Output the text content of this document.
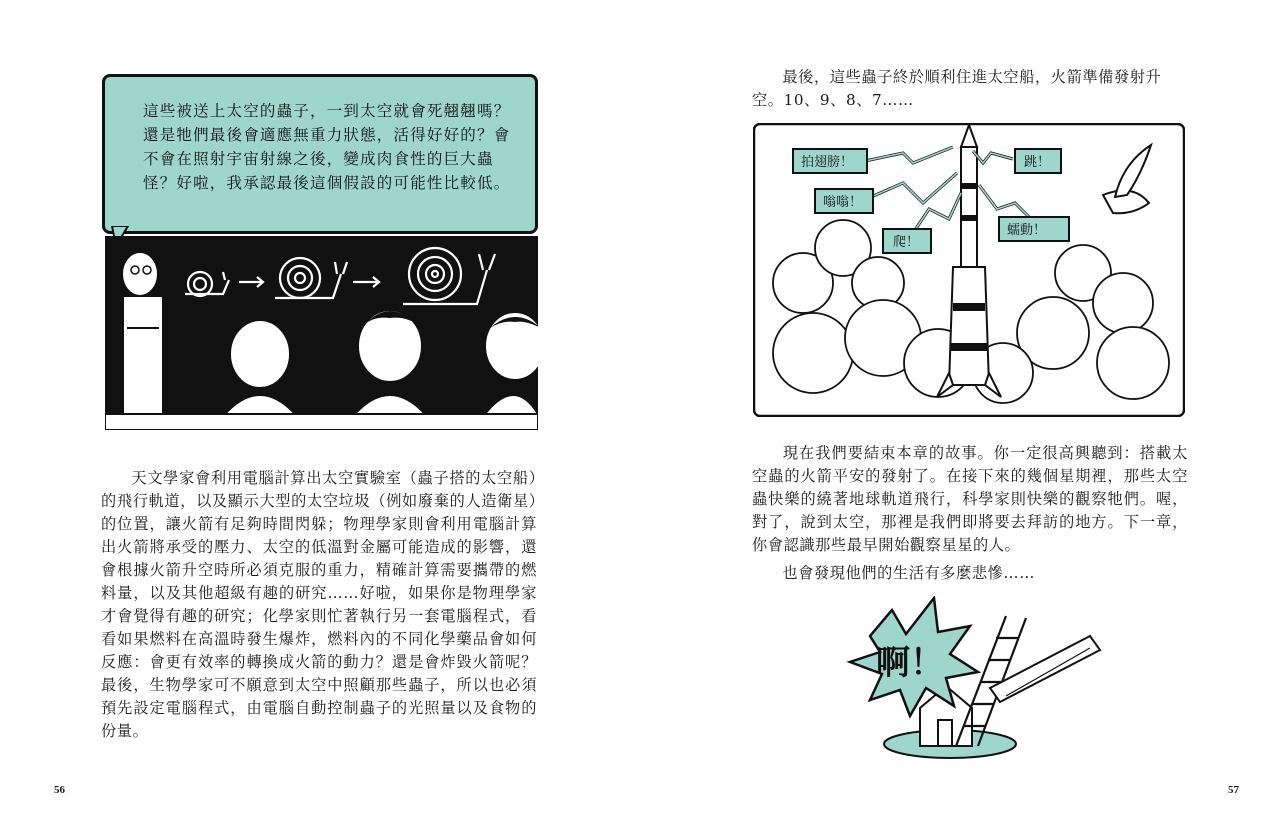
這些被送上太空的蟲子，一到太空就會死翹翹嗎？還是牠們最後會適應無重力狀態，活得好好的？會不會在照射宇宙射線之後，變成肉食性的巨大蟲怪？好啦，我承認最後這個假設的可能性比較低。

天文學家會利用電腦計算出太空實驗室（蟲子搭的太空船）的飛行軌道，以及顯示大型的太空垃圾（例如廢棄的人造衛星）的位置，讓火箭有足夠時間閃躲；物理學家則會利用電腦計算出火箭將承受的壓力、太空的低溫對金屬可能造成的影響，還會根據火箭升空時所必須克服的重力，精確計算需要攜帶的燃料量，以及其他超級有趣的研究……好啦，如果你是物理學家才會覺得有趣的研究；化學家則忙著執行另一套電腦程式，看看如果燃料在高溫時發生爆炸，燃料內的不同化學藥品會如何反應：會更有效率的轉換成火箭的動力？還是會炸毀火箭呢？最後，生物學家可不願意到太空中照顧那些蟲子，所以也必須預先設定電腦程式，由電腦自動控制蟲子的光照量以及食物的份量。

56

最後，這些蟲子終於順利住進太空船，火箭準備發射升
空。10、9、8、7……

拍翅膀！	跳！
嗡嗡！
爬！
蠕動！

現在我們要結束本章的故事。你一定很高興聽到：搭載太空蟲的火箭平安的發射了。在接下來的幾個星期裡，那些太空蟲快樂的繞著地球軌道飛行，科學家則快樂的觀察牠們。喔，對了，說到太空，那裡是我們即將要去拜訪的地方。下一章，你會認識那些最早開始觀察星星的人。

也會發現他們的生活有多麼悲慘……

啊！
57
